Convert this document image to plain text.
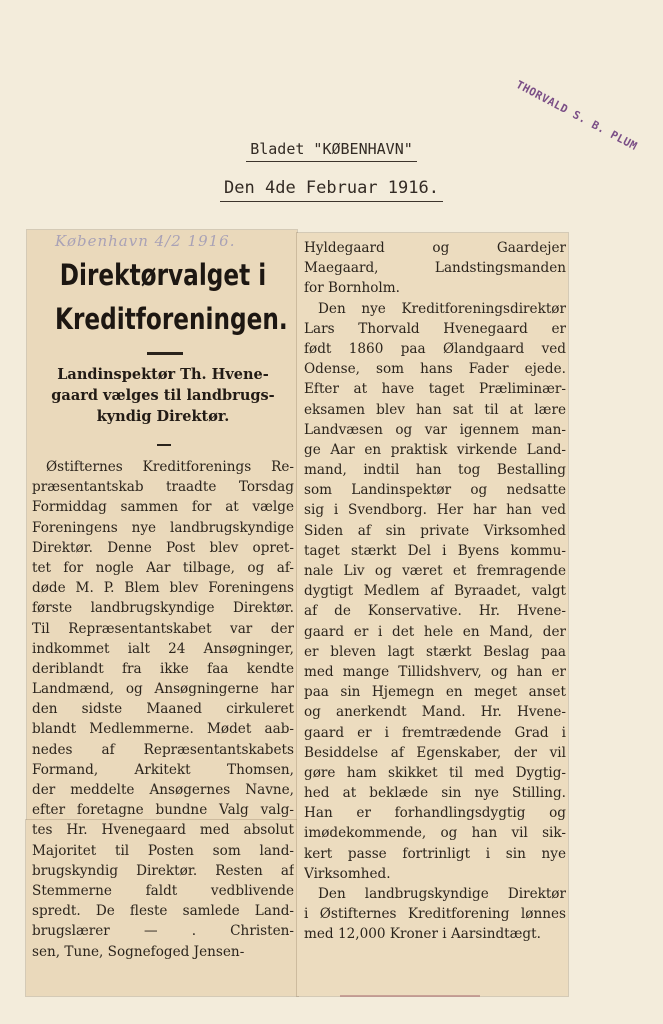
THORVALD S. B. PLUM
Bladet "KØBENHAVN"
Den 4de Februar 1916.
København 4/2 1916.
Direktørvalget i
Kreditforeningen.
Landinspektør Th. Hvene-
gaard vælges til landbrugs-
kyndig Direktør.
Østifternes Kreditforenings Re-
præsentantskab traadte Torsdag
Formiddag sammen for at vælge
Foreningens nye landbrugskyndige
Direktør. Denne Post blev opret-
tet for nogle Aar tilbage, og af-
døde M. P. Blem blev Foreningens
første landbrugskyndige Direktør.
Til Repræsentantskabet var der
indkommet ialt 24 Ansøgninger,
deriblandt fra ikke faa kendte
Landmænd, og Ansøgningerne har
den sidste Maaned cirkuleret
blandt Medlemmerne. Mødet aab-
nedes af Repræsentantskabets
Formand, Arkitekt Thomsen,
der meddelte Ansøgernes Navne,
efter foretagne bundne Valg valg-
tes Hr. Hvenegaard med absolut
Majoritet til Posten som land-
brugskyndig Direktør. Resten af
Stemmerne faldt vedblivende
spredt. De fleste samlede Land-
brugslærer — . Christen-
sen, Tune, Sognefoged Jensen-
Hyldegaard og Gaardejer
Maegaard, Landstingsmanden
for Bornholm.
Den nye Kreditforeningsdirektør
Lars Thorvald Hvenegaard er
født 1860 paa Ølandgaard ved
Odense, som hans Fader ejede.
Efter at have taget Præliminær-
eksamen blev han sat til at lære
Landvæsen og var igennem man-
ge Aar en praktisk virkende Land-
mand, indtil han tog Bestalling
som Landinspektør og nedsatte
sig i Svendborg. Her har han ved
Siden af sin private Virksomhed
taget stærkt Del i Byens kommu-
nale Liv og været et fremragende
dygtigt Medlem af Byraadet, valgt
af de Konservative. Hr. Hvene-
gaard er i det hele en Mand, der
er bleven lagt stærkt Beslag paa
med mange Tillidshverv, og han er
paa sin Hjemegn en meget anset
og anerkendt Mand. Hr. Hvene-
gaard er i fremtrædende Grad i
Besiddelse af Egenskaber, der vil
gøre ham skikket til med Dygtig-
hed at beklæde sin nye Stilling.
Han er forhandlingsdygtig og
imødekommende, og han vil sik-
kert passe fortrinligt i sin nye
Virksomhed.
Den landbrugskyndige Direktør
i Østifternes Kreditforening lønnes
med 12,000 Kroner i Aarsindtægt.
